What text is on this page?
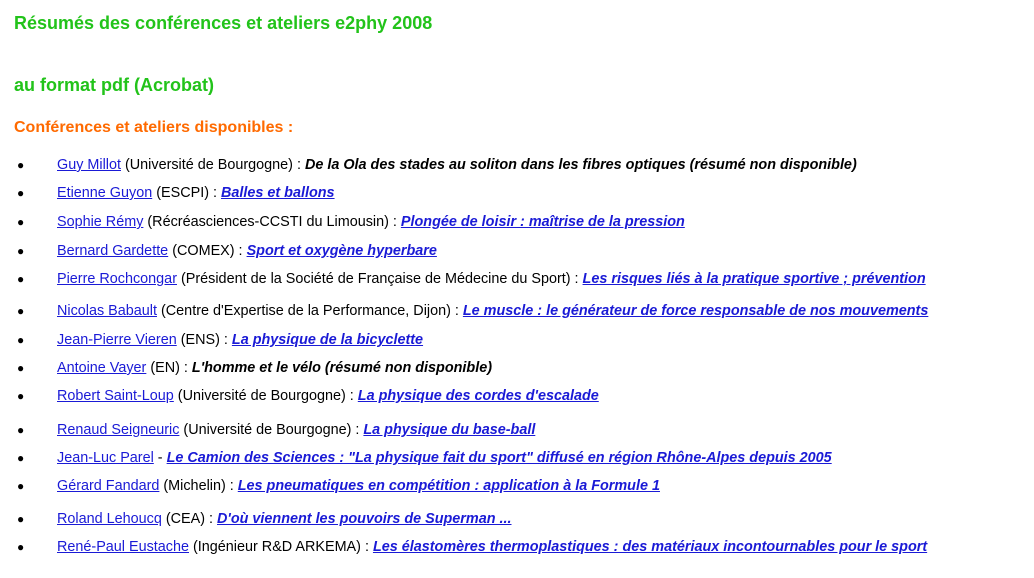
Résumés des conférences et ateliers e2phy 2008
au format pdf (Acrobat)
Conférences et ateliers disponibles :
● Guy Millot (Université de Bourgogne) : De la Ola des stades au soliton dans les fibres optiques (résumé non disponible)
● Etienne Guyon (ESCPI) : Balles et ballons
● Sophie Rémy (Récréasciences-CCSTI du Limousin) : Plongée de loisir : maîtrise de la pression
● Bernard Gardette (COMEX) : Sport et oxygène hyperbare
● Pierre Rochcongar (Président de la Société de Française de Médecine du Sport) : Les risques liés à la pratique sportive ; prévention
● Nicolas Babault (Centre d'Expertise de la Performance, Dijon) : Le muscle : le générateur de force responsable de nos mouvements
● Jean-Pierre Vieren (ENS) : La physique de la bicyclette
● Antoine Vayer (EN) : L'homme et le vélo (résumé non disponible)
● Robert Saint-Loup (Université de Bourgogne) : La physique des cordes d'escalade
● Renaud Seigneuric (Université de Bourgogne) : La physique du base-ball
● Jean-Luc Parel - Le Camion des Sciences : "La physique fait du sport" diffusé en région Rhône-Alpes depuis 2005
● Gérard Fandard (Michelin) : Les pneumatiques en compétition : application à la Formule 1
● Roland Lehoucq (CEA) : D'où viennent les pouvoirs de Superman ...
● René-Paul Eustache (Ingénieur R&D ARKEMA) : Les élastomères thermoplastiques : des matériaux incontournables pour le sport
